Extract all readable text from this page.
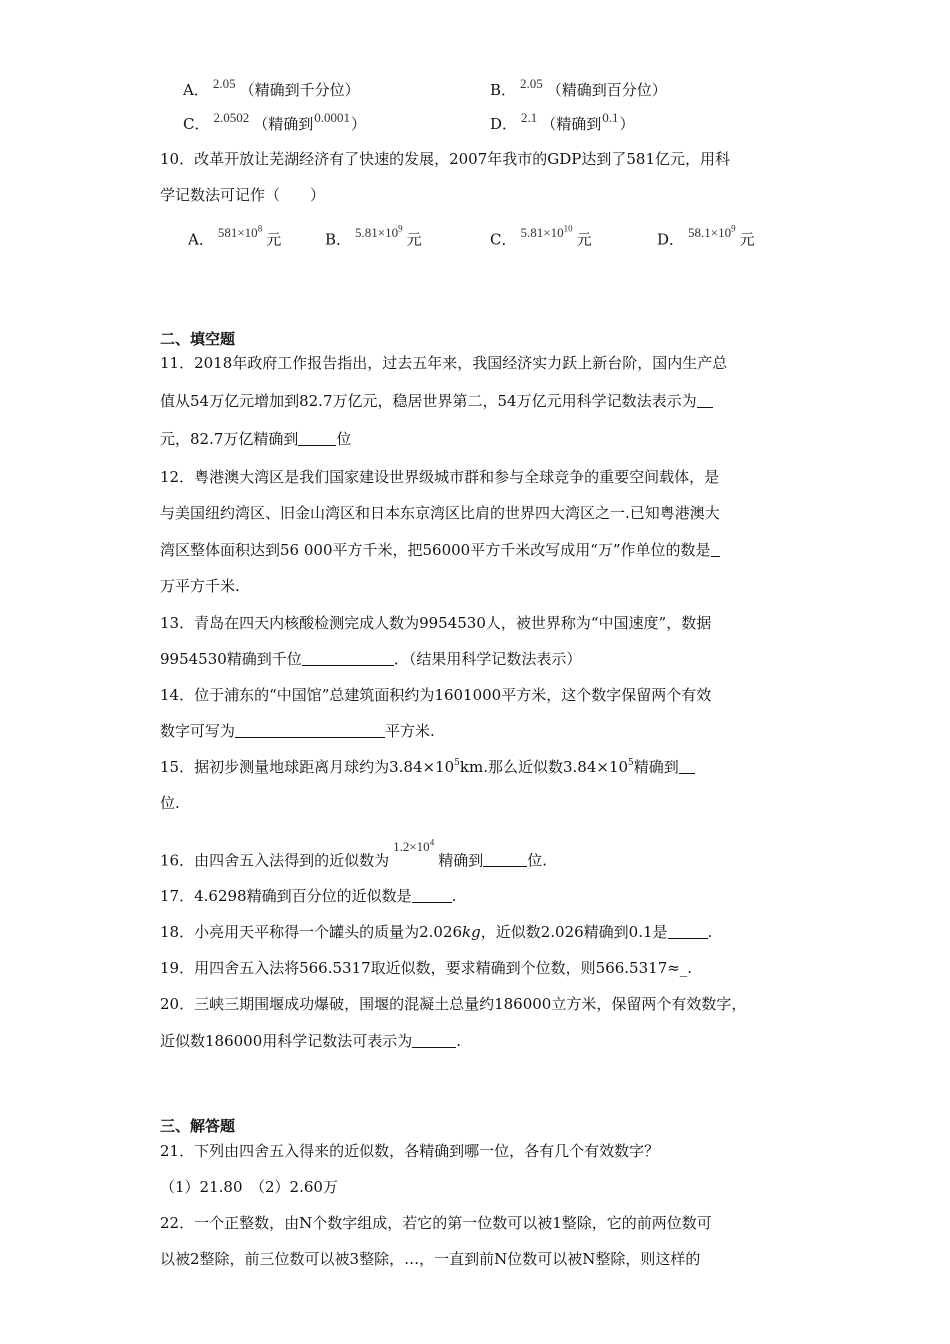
A． 2.05 （精确到千分位）	B． 2.05 （精确到百分位）
C． 2.0502 （精确到0.0001）	D． 2.1 （精确到0.1）
10．改革开放让芜湖经济有了快速的发展，2007年我市的GDP达到了581亿元，用科
学记数法可记作（　　）
A． $581\times 10^8$元	B． $5.81\times 10^9$元	C． $5.81\times 10^{10}$元	D． $58.1\times 10^9$元
二、填空题
11．2018年政府工作报告指出，过去五年来，我国经济实力跃上新台阶，国内生产总
值从54万亿元增加到82.7万亿元，稳居世界第二，54万亿元用科学记数法表示为
元，82.7万亿精确到	位
12．粤港澳大湾区是我们国家建设世界级城市群和参与全球竞争的重要空间载体，是
与美国纽约湾区、旧金山湾区和日本东京湾区比肩的世界四大湾区之一.已知粤港澳大
湾区整体面积达到56 000平方千米，把56000平方千米改写成用“万”作单位的数是
万平方千米.
13．青岛在四天内核酸检测完成人数为9954530人，被世界称为“中国速度”，数据
9954530精确到千位	．（结果用科学记数法表示）
14．位于浦东的“中国馆”总建筑面积约为1601000平方米，这个数字保留两个有效
数字可写为	平方米.
15．据初步测量地球距离月球约为$3.84\times 10^5km$.那么近似数$3.84\times 10^5$精确到
位.
16．由四舍五入法得到的近似数为$1.2\times 10^4$精确到	位.
17．4.6298精确到百分位的近似数是	.
18．小亮用天平称得一个罐头的质量为2.026kg，近似数2.026精确到0.1是	.
19．用四舍五入法将566.5317取近似数，要求精确到个位数，则566.5317≈_.
20．三峡三期围堰成功爆破，围堰的混凝土总量约186000立方米，保留两个有效数字，
近似数186000用科学记数法可表示为	.
三、解答题
21．下列由四舍五入得来的近似数，各精确到哪一位，各有几个有效数字？
（1）21.80　（2）2.60万
22．一个正整数，由N个数字组成，若它的第一位数可以被1整除，它的前两位数可
以被2整除，前三位数可以被3整除，…，一直到前N位数可以被N整除，则这样的
